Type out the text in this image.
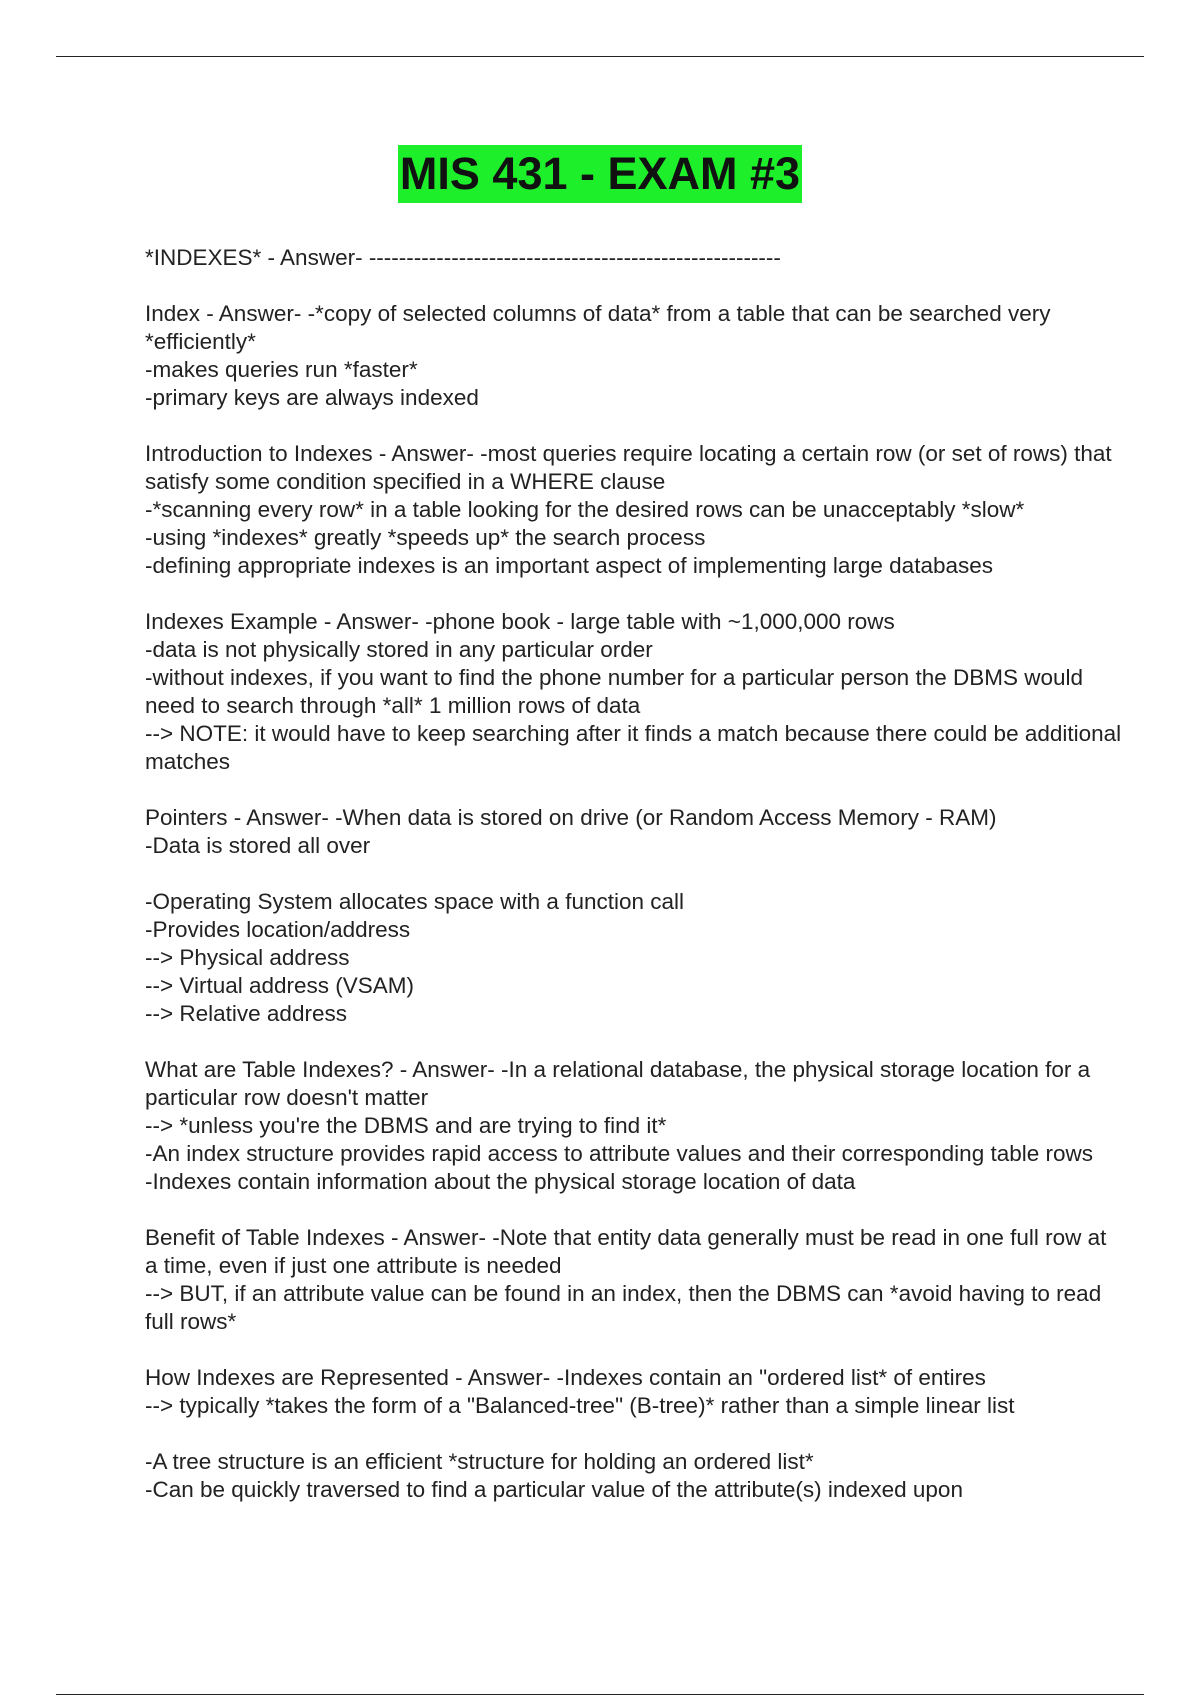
MIS 431 - EXAM #3
*INDEXES* - Answer- -------------------------------------------------------
Index - Answer- -*copy of selected columns of data* from a table that can be searched very
*efficiently*
-makes queries run *faster*
-primary keys are always indexed
Introduction to Indexes - Answer- -most queries require locating a certain row (or set of rows) that
satisfy some condition specified in a WHERE clause
-*scanning every row* in a table looking for the desired rows can be unacceptably *slow*
-using *indexes* greatly *speeds up* the search process
-defining appropriate indexes is an important aspect of implementing large databases
Indexes Example - Answer- -phone book - large table with ~1,000,000 rows
-data is not physically stored in any particular order
-without indexes, if you want to find the phone number for a particular person the DBMS would
need to search through *all* 1 million rows of data
--> NOTE: it would have to keep searching after it finds a match because there could be additional
matches
Pointers - Answer- -When data is stored on drive (or Random Access Memory - RAM)
-Data is stored all over
-Operating System allocates space with a function call
-Provides location/address
--> Physical address
--> Virtual address (VSAM)
--> Relative address
What are Table Indexes? - Answer- -In a relational database, the physical storage location for a
particular row doesn't matter
--> *unless you're the DBMS and are trying to find it*
-An index structure provides rapid access to attribute values and their corresponding table rows
-Indexes contain information about the physical storage location of data
Benefit of Table Indexes - Answer- -Note that entity data generally must be read in one full row at
a time, even if just one attribute is needed
--> BUT, if an attribute value can be found in an index, then the DBMS can *avoid having to read
full rows*
How Indexes are Represented - Answer- -Indexes contain an "ordered list* of entires
--> typically *takes the form of a "Balanced-tree" (B-tree)* rather than a simple linear list
-A tree structure is an efficient *structure for holding an ordered list*
-Can be quickly traversed to find a particular value of the attribute(s) indexed upon
